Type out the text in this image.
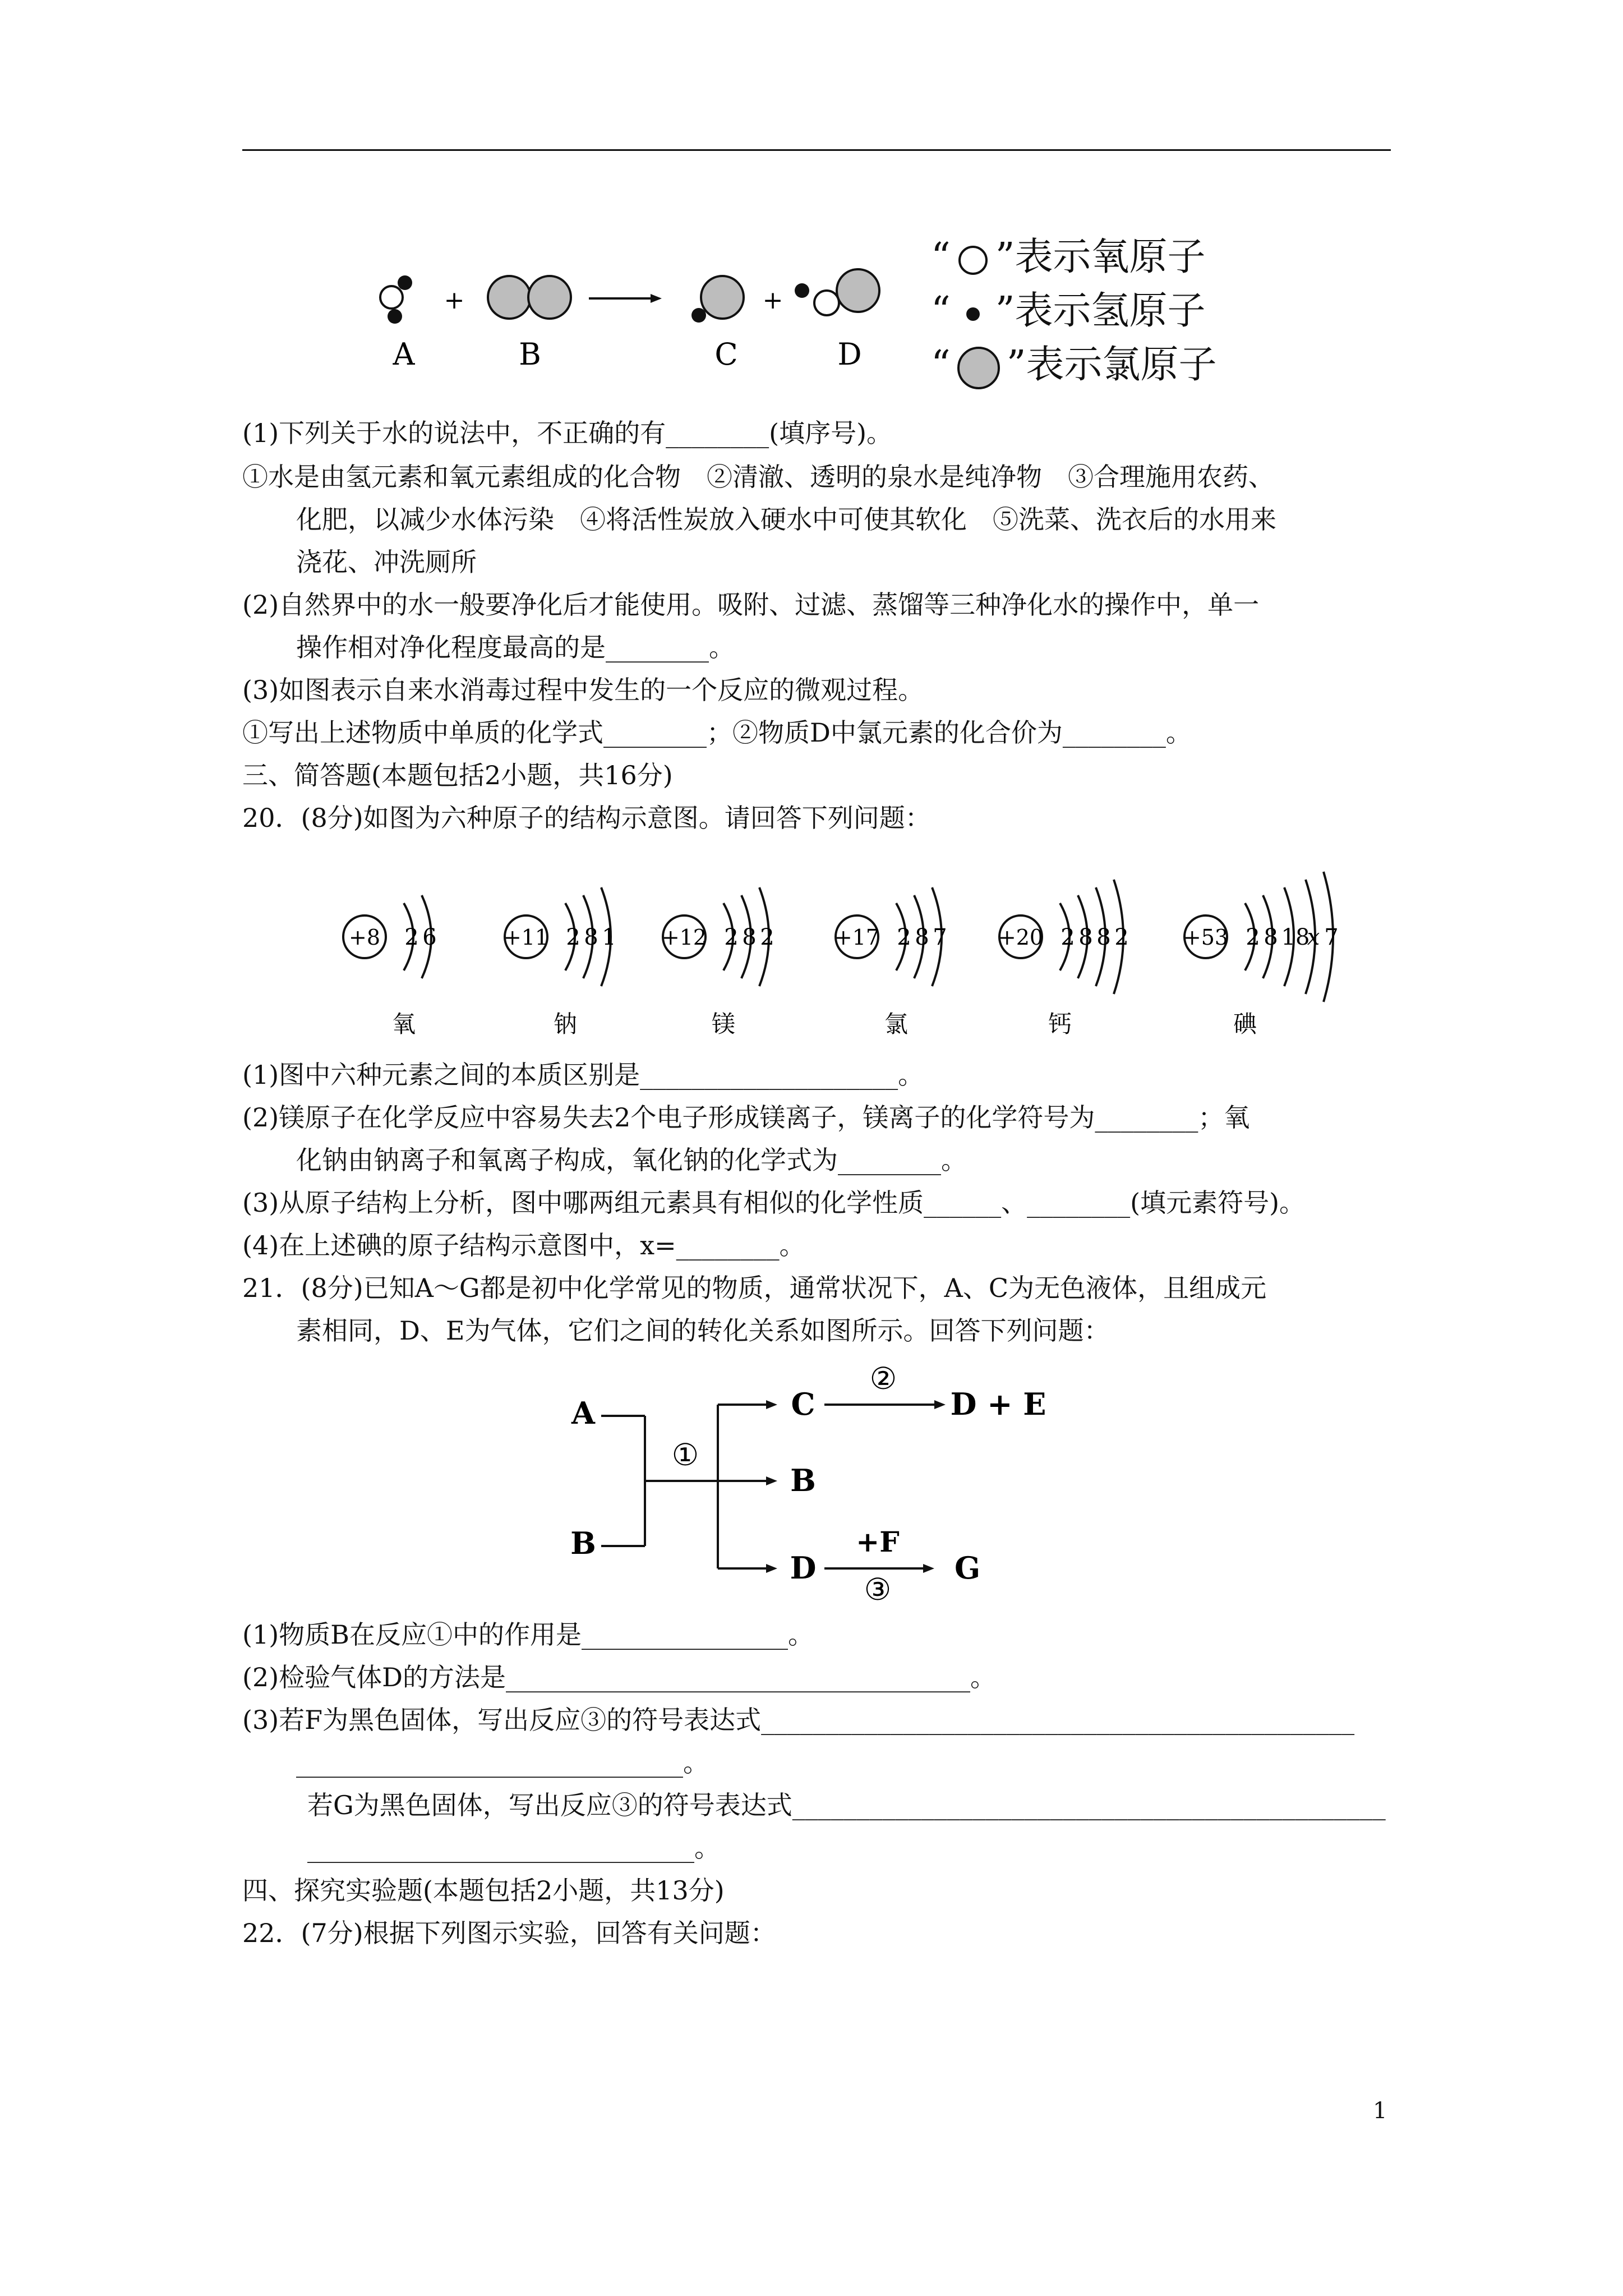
+	+
A	B	C	D
“ ”表示氧原子
“ ”表示氢原子
“ ”表示氯原子
(1)下列关于水的说法中，不正确的有________(填序号)。
①水是由氢元素和氧元素组成的化合物　②清澈、透明的泉水是纯净物　③合理施用农药、
化肥，以减少水体污染　④将活性炭放入硬水中可使其软化　⑤洗菜、洗衣后的水用来
浇花、冲洗厕所
(2)自然界中的水一般要净化后才能使用。吸附、过滤、蒸馏等三种净化水的操作中，单一
操作相对净化程度最高的是________。
(3)如图表示自来水消毒过程中发生的一个反应的微观过程。
①写出上述物质中单质的化学式________；②物质D中氯元素的化合价为________。
三、简答题(本题包括2小题，共16分)
20．(8分)如图为六种原子的结构示意图。请回答下列问题：
+8 2 6
氧
+11 2 8 1
钠
+12 2 8 2
镁
+17 2 8 7
氯
+20 2 8 8 2
钙
+53 2 8 18
x 7
碘
(1)图中六种元素之间的本质区别是____________________。
(2)镁原子在化学反应中容易失去2个电子形成镁离子，镁离子的化学符号为________；氧
化钠由钠离子和氧离子构成，氧化钠的化学式为________。
(3)从原子结构上分析，图中哪两组元素具有相似的化学性质______、________(填元素符号)。
(4)在上述碘的原子结构示意图中，x=________。
21．(8分)已知A～G都是初中化学常见的物质，通常状况下，A、C为无色液体，且组成元
素相同，D、E为气体，它们之间的转化关系如图所示。回答下列问题：
A
B
①
C
B
D
②
D + E
+F
③
G
(1)物质B在反应①中的作用是________________。
(2)检验气体D的方法是____________________________________。
(3)若F为黑色固体，写出反应③的符号表达式______________________________________________
______________________________。
若G为黑色固体，写出反应③的符号表达式______________________________________________
______________________________。
四、探究实验题(本题包括2小题，共13分)
22．(7分)根据下列图示实验，回答有关问题：
1
